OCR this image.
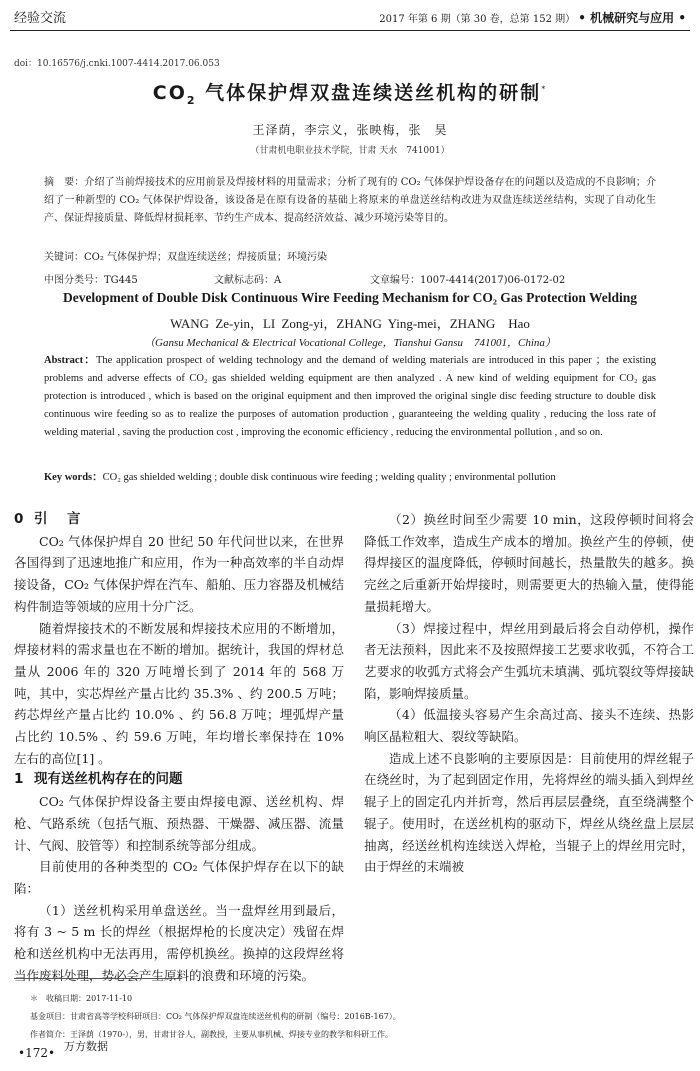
经验交流	2017 年第 6 期（第 30 卷，总第 152 期） • 机械研究与应用 •
doi：10.16576/j.cnki.1007-4414.2017.06.053
$CO_2$ 气体保护焊双盘连续送丝机构的研制*
王泽荫，李宗义，张映梅，张　昊
（甘肃机电职业技术学院，甘肃 天水　741001）
摘　要：介绍了当前焊接技术的应用前景及焊接材料的用量需求；分析了现有的 CO₂ 气体保护焊设备存在的问题以及造成的不良影响；介绍了一种新型的 CO₂ 气体保护焊设备，该设备是在原有设备的基础上将原来的单盘送丝结构改进为双盘连续送丝结构，实现了自动化生产、保证焊接质量、降低焊材损耗率、节约生产成本、提高经济效益、减少环境污染等目的。
关键词：CO₂ 气体保护焊；双盘连续送丝；焊接质量；环境污染
中图分类号：TG445	文献标志码：A	文章编号：1007-4414(2017)06-0172-02
Development of Double Disk Continuous Wire Feeding Mechanism for CO₂ Gas Protection Welding
WANG Ze-yin，LI Zong-yi，ZHANG Ying-mei，ZHANG　Hao
（Gansu Mechanical & Electrical Vocational College，Tianshui Gansu　741001，China）
Abstract：The application prospect of welding technology and the demand of welding materials are introduced in this paper ；the existing problems and adverse effects of CO₂ gas shielded welding equipment are then analyzed . A new kind of welding equipment for CO₂ gas protection is introduced , which is based on the original equipment and then improved the original single disc feeding structure to double disk continuous wire feeding so as to realize the purposes of automation production , guaranteeing the welding quality , reducing the loss rate of welding material , saving the production cost , improving the economic efficiency , reducing the environmental pollution , and so on.
Key words：CO₂ gas shielded welding ; double disk continuous wire feeding ; welding quality ; environmental pollution
0 引　言

CO₂ 气体保护焊自 20 世纪 50 年代问世以来，在世界各国得到了迅速地推广和应用，作为一种高效率的半自动焊接设备，CO₂ 气体保护焊在汽车、船舶、压力容器及机械结构件制造等领域的应用十分广泛。

随着焊接技术的不断发展和焊接技术应用的不断增加，焊接材料的需求量也在不断的增加。据统计，我国的焊材总量从 2006 年的 320 万吨增长到了 2014 年的 568 万吨，其中，实芯焊丝产量占比约 35.3% 、约 200.5 万吨；药芯焊丝产量占比约 10.0% 、约 56.8 万吨；埋弧焊产量占比约 10.5% 、约 59.6 万吨，年均增长率保持在 10% 左右的高位[1] 。

1 现有送丝机构存在的问题

CO₂ 气体保护焊设备主要由焊接电源、送丝机构、焊枪、气路系统（包括气瓶、预热器、干燥器、减压器、流量计、气阀、胶管等）和控制系统等部分组成。

目前使用的各种类型的 CO₂ 气体保护焊存在以下的缺陷：

（1）送丝机构采用单盘送丝。当一盘焊丝用到最后，将有 3 ~ 5 m 长的焊丝（根据焊枪的长度决定）残留在焊枪和送丝机构中无法再用，需停机换丝。换掉的这段焊丝将当作废料处理，势必会产生原料的浪费和环境的污染。

（2）换丝时间至少需要 10 min，这段停顿时间将会降低工作效率，造成生产成本的增加。换丝产生的停顿，使得焊接区的温度降低，停顿时间越长，热量散失的越多。换完丝之后重新开始焊接时，则需要更大的热输入量，使得能量损耗增大。

（3）焊接过程中，焊丝用到最后将会自动停机，操作者无法预料，因此来不及按照焊接工艺要求收弧，不符合工艺要求的收弧方式将会产生弧坑未填满、弧坑裂纹等焊接缺陷，影响焊接质量。

（4）低温接头容易产生余高过高、接头不连续、热影响区晶粒粗大、裂纹等缺陷。

造成上述不良影响的主要原因是：目前使用的焊丝辊子在绕丝时，为了起到固定作用，先将焊丝的端头插入到焊丝辊子上的固定孔内并折弯，然后再层层叠绕，直至绕满整个辊子。使用时，在送丝机构的驱动下，焊丝从绕丝盘上层层抽离，经送丝机构连续送入焊枪，当辊子上的焊丝用完时，由于焊丝的末端被

＊　收稿日期：2017-11-10
基金项目：甘肃省高等学校科研项目：CO₂ 气体保护焊双盘连续送丝机构的研制（编号：2016B-167）。
作者简介：王泽荫（1970-），男，甘肃甘谷人，副教授，主要从事机械、焊接专业的教学和科研工作。
•172• 万方数据
